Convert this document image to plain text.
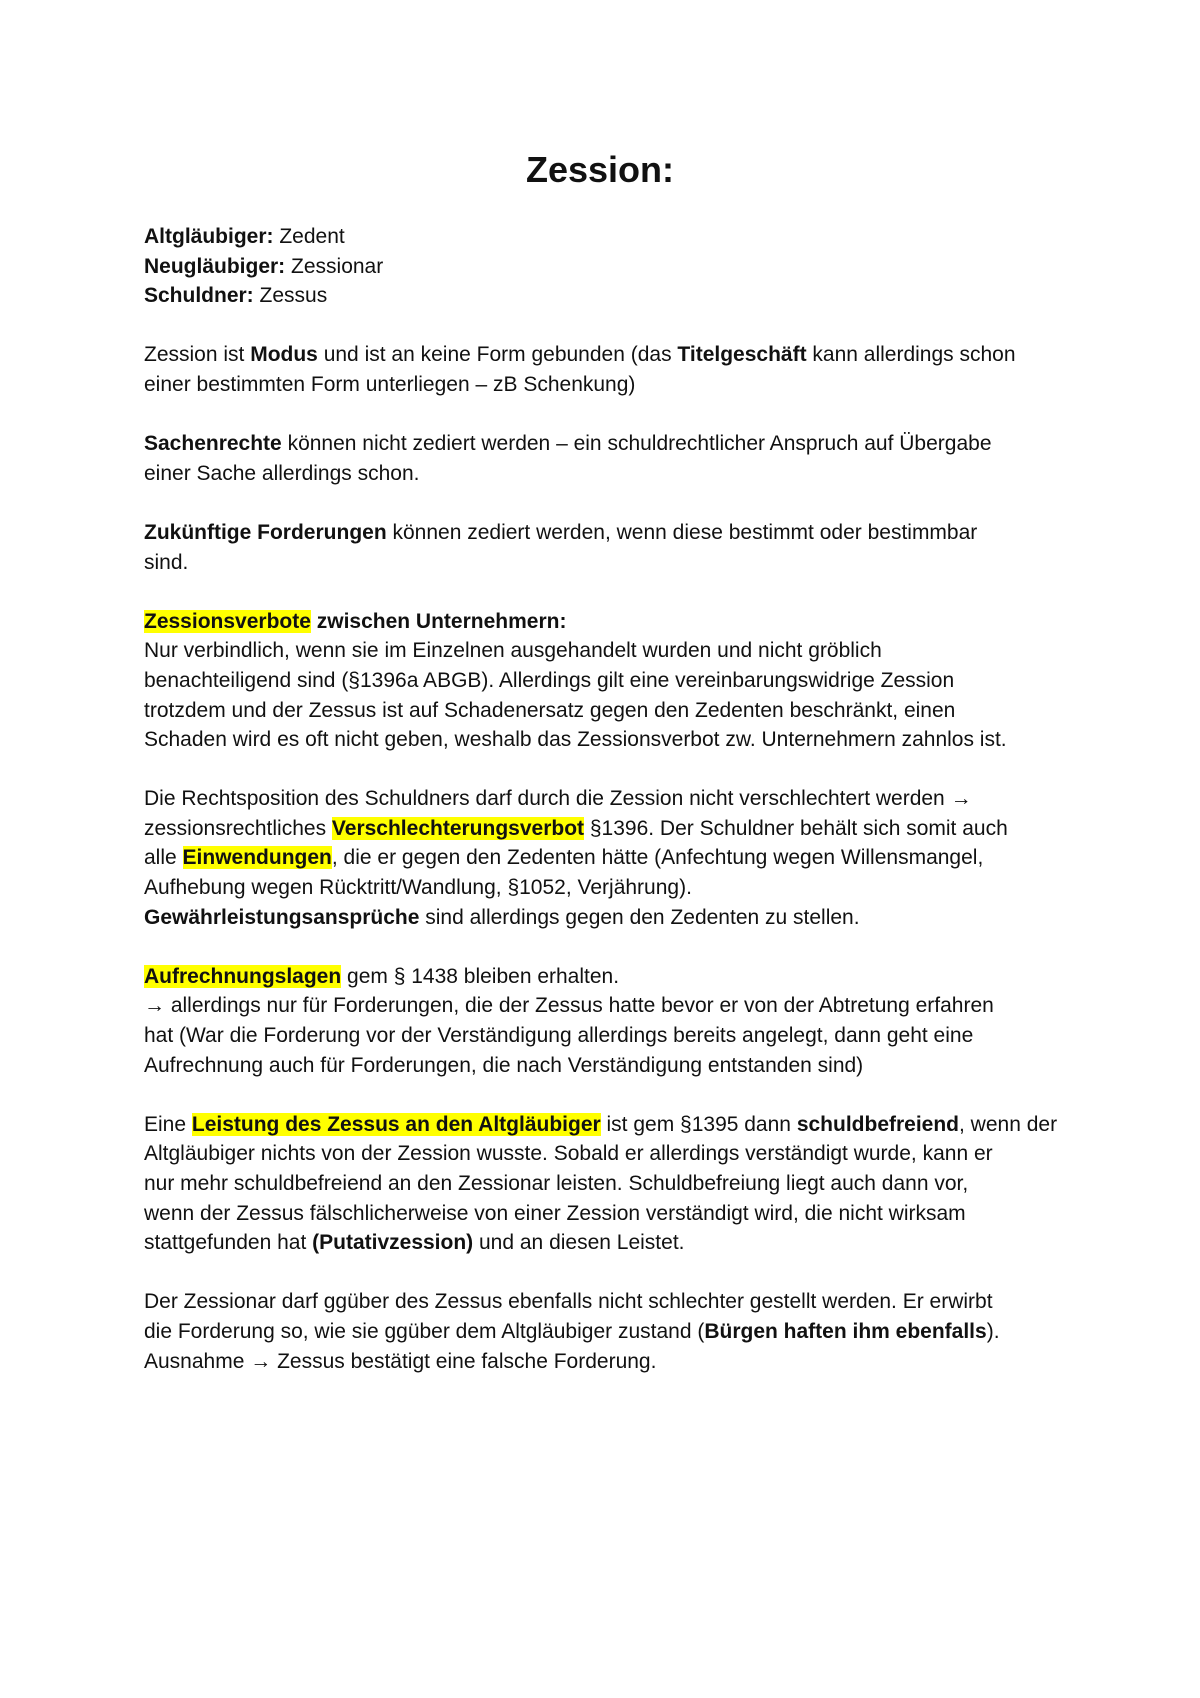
Zession:
Altgläubiger: Zedent
Neugläubiger: Zessionar
Schuldner: Zessus
Zession ist Modus und ist an keine Form gebunden (das Titelgeschäft kann allerdings schon
einer bestimmten Form unterliegen – zB Schenkung)
Sachenrechte können nicht zediert werden – ein schuldrechtlicher Anspruch auf Übergabe
einer Sache allerdings schon.
Zukünftige Forderungen können zediert werden, wenn diese bestimmt oder bestimmbar
sind.
Zessionsverbote zwischen Unternehmern:
Nur verbindlich, wenn sie im Einzelnen ausgehandelt wurden und nicht gröblich
benachteiligend sind (§1396a ABGB). Allerdings gilt eine vereinbarungswidrige Zession
trotzdem und der Zessus ist auf Schadenersatz gegen den Zedenten beschränkt, einen
Schaden wird es oft nicht geben, weshalb das Zessionsverbot zw. Unternehmern zahnlos ist.
Die Rechtsposition des Schuldners darf durch die Zession nicht verschlechtert werden →
zessionsrechtliches Verschlechterungsverbot §1396. Der Schuldner behält sich somit auch
alle Einwendungen, die er gegen den Zedenten hätte (Anfechtung wegen Willensmangel,
Aufhebung wegen Rücktritt/Wandlung, §1052, Verjährung).
Gewährleistungsansprüche sind allerdings gegen den Zedenten zu stellen.
Aufrechnungslagen gem § 1438 bleiben erhalten.
→ allerdings nur für Forderungen, die der Zessus hatte bevor er von der Abtretung erfahren
hat (War die Forderung vor der Verständigung allerdings bereits angelegt, dann geht eine
Aufrechnung auch für Forderungen, die nach Verständigung entstanden sind)
Eine Leistung des Zessus an den Altgläubiger ist gem §1395 dann schuldbefreiend, wenn der
Altgläubiger nichts von der Zession wusste. Sobald er allerdings verständigt wurde, kann er
nur mehr schuldbefreiend an den Zessionar leisten. Schuldbefreiung liegt auch dann vor,
wenn der Zessus fälschlicherweise von einer Zession verständigt wird, die nicht wirksam
stattgefunden hat (Putativzession) und an diesen Leistet.
Der Zessionar darf ggüber des Zessus ebenfalls nicht schlechter gestellt werden. Er erwirbt
die Forderung so, wie sie ggüber dem Altgläubiger zustand (Bürgen haften ihm ebenfalls).
Ausnahme → Zessus bestätigt eine falsche Forderung.
